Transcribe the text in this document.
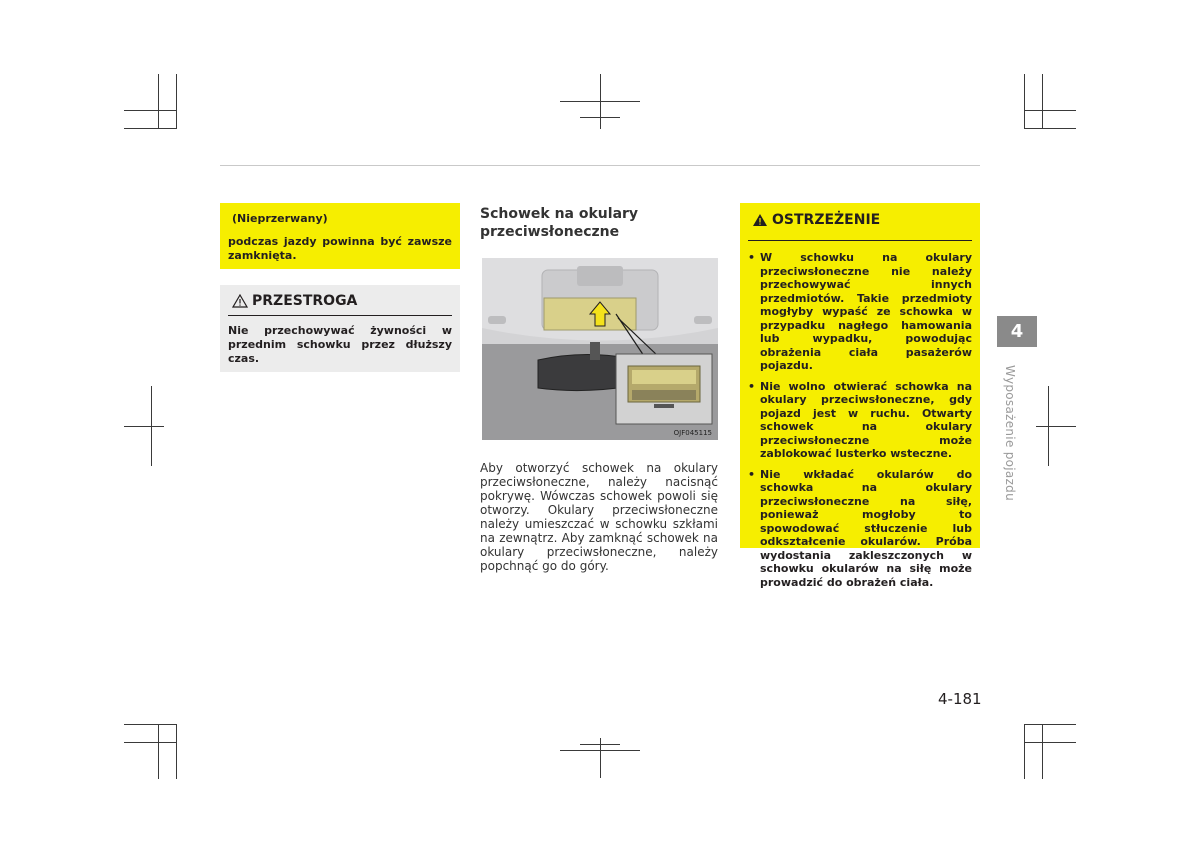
(Nieprzerwany)
podczas jazdy powinna być zawsze zamknięta.
PRZESTROGA
Nie przechowywać żywności w przednim schowku przez dłuższy czas.
Schowek na okulary przeciwsłoneczne
OJF045115
Aby otworzyć schowek na okulary przeciwsłoneczne, należy nacisnąć pokrywę. Wówczas schowek powoli się otworzy. Okulary przeciwsłoneczne należy umieszczać w schowku szkłami na zewnątrz. Aby zamknąć schowek na okulary przeciwsłoneczne, należy popchnąć go do góry.
OSTRZEŻENIE
• W schowku na okulary przeciwsłoneczne nie należy przechowywać innych przedmiotów. Takie przedmioty mogłyby wypaść ze schowka w przypadku nagłego hamowania lub wypadku, powodując obrażenia ciała pasażerów pojazdu.
• Nie wolno otwierać schowka na okulary przeciwsłoneczne, gdy pojazd jest w ruchu. Otwarty schowek na okulary przeciwsłoneczne może zablokować lusterko wsteczne.
• Nie wkładać okularów do schowka na okulary przeciwsłoneczne na siłę, ponieważ mogłoby to spowodować stłuczenie lub odkształcenie okularów. Próba wydostania zakleszczonych w schowku okularów na siłę może prowadzić do obrażeń ciała.
4
Wyposażenie pojazdu
4-181
